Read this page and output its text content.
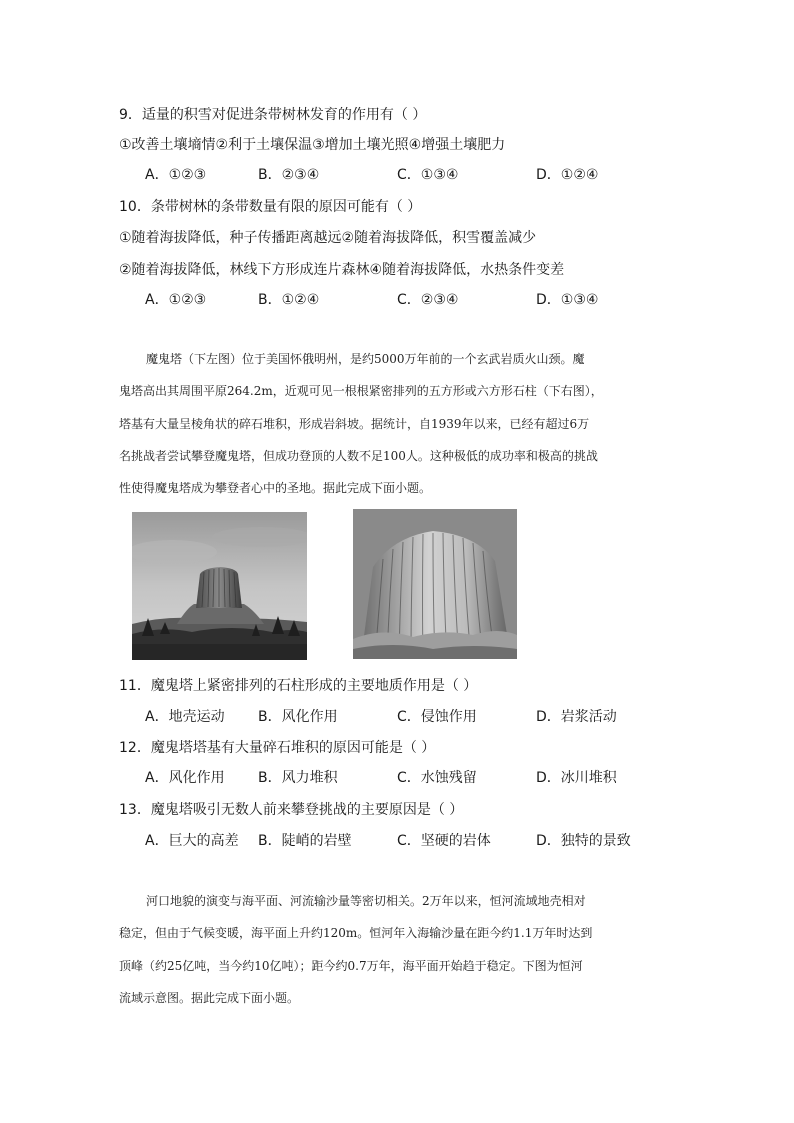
9．适量的积雪对促进条带树林发育的作用有（ ）
①改善土壤墒情②利于土壤保温③增加土壤光照④增强土壤肥力
A．①②③	B．②③④	C．①③④	D．①②④
10．条带树林的条带数量有限的原因可能有（ ）
①随着海拔降低，种子传播距离越远②随着海拔降低，积雪覆盖减少
②随着海拔降低，林线下方形成连片森林④随着海拔降低，水热条件变差
A．①②③	B．①②④	C．②③④	D．①③④
魔鬼塔（下左图）位于美国怀俄明州，是约5000万年前的一个玄武岩质火山颈。魔
鬼塔高出其周围平原264.2m，近观可见一根根紧密排列的五方形或六方形石柱（下右图），
塔基有大量呈棱角状的碎石堆积，形成岩斜坡。据统计，自1939年以来，已经有超过6万
名挑战者尝试攀登魔鬼塔，但成功登顶的人数不足100人。这种极低的成功率和极高的挑战
性使得魔鬼塔成为攀登者心中的圣地。据此完成下面小题。
11．魔鬼塔上紧密排列的石柱形成的主要地质作用是（ ）
A．地壳运动 B．风化作用	C．侵蚀作用	D．岩浆活动
12．魔鬼塔塔基有大量碎石堆积的原因可能是（ ）
A．风化作用 B．风力堆积	C．水蚀残留	D．冰川堆积
13．魔鬼塔吸引无数人前来攀登挑战的主要原因是（ ）
A．巨大的高差 B．陡峭的岩壁	C．坚硬的岩体	D．独特的景致
河口地貌的演变与海平面、河流输沙量等密切相关。2万年以来，恒河流域地壳相对
稳定，但由于气候变暖，海平面上升约120m。恒河年入海输沙量在距今约1.1万年时达到
顶峰（约25亿吨，当今约10亿吨）；距今约0.7万年，海平面开始趋于稳定。下图为恒河
流域示意图。据此完成下面小题。
